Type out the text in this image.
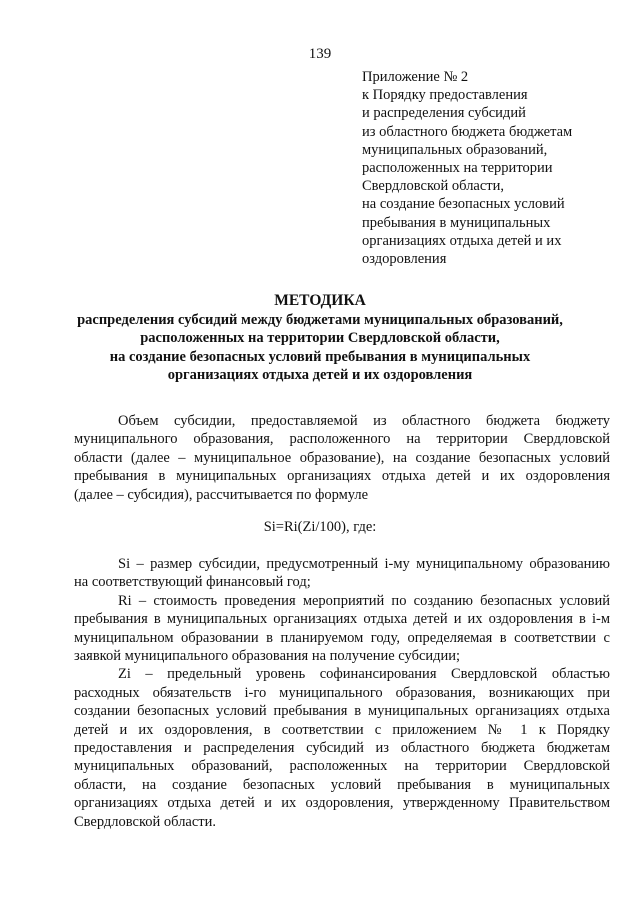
139
Приложение № 2
к Порядку предоставления
и распределения субсидий
из областного бюджета бюджетам
муниципальных образований,
расположенных на территории
Свердловской области,
на создание безопасных условий
пребывания в муниципальных
организациях отдыха детей и их
оздоровления
МЕТОДИКА
распределения субсидий между бюджетами муниципальных образований,
расположенных на территории Свердловской области,
на создание безопасных условий пребывания в муниципальных
организациях отдыха детей и их оздоровления
Объем субсидии, предоставляемой из областного бюджета бюджету
муниципального образования, расположенного на территории Свердловской
области (далее – муниципальное образование), на создание безопасных условий
пребывания в муниципальных организациях отдыха детей и их оздоровления
(далее – субсидия), рассчитывается по формуле
Si=Ri(Zi/100), где:
Si – размер субсидии, предусмотренный i-му муниципальному образованию
на соответствующий финансовый год;
Ri – стоимость проведения мероприятий по созданию безопасных условий
пребывания в муниципальных организациях отдыха детей и их оздоровления в i-м
муниципальном образовании в планируемом году, определяемая в соответствии с
заявкой муниципального образования на получение субсидии;
Zi – предельный уровень софинансирования Свердловской областью
расходных обязательств i-го муниципального образования, возникающих при
создании безопасных условий пребывания в муниципальных организациях отдыха
детей и их оздоровления, в соответствии с приложением № 1 к Порядку
предоставления и распределения субсидий из областного бюджета бюджетам
муниципальных образований, расположенных на территории Свердловской
области, на создание безопасных условий пребывания в муниципальных
организациях отдыха детей и их оздоровления, утвержденному Правительством
Свердловской области.
